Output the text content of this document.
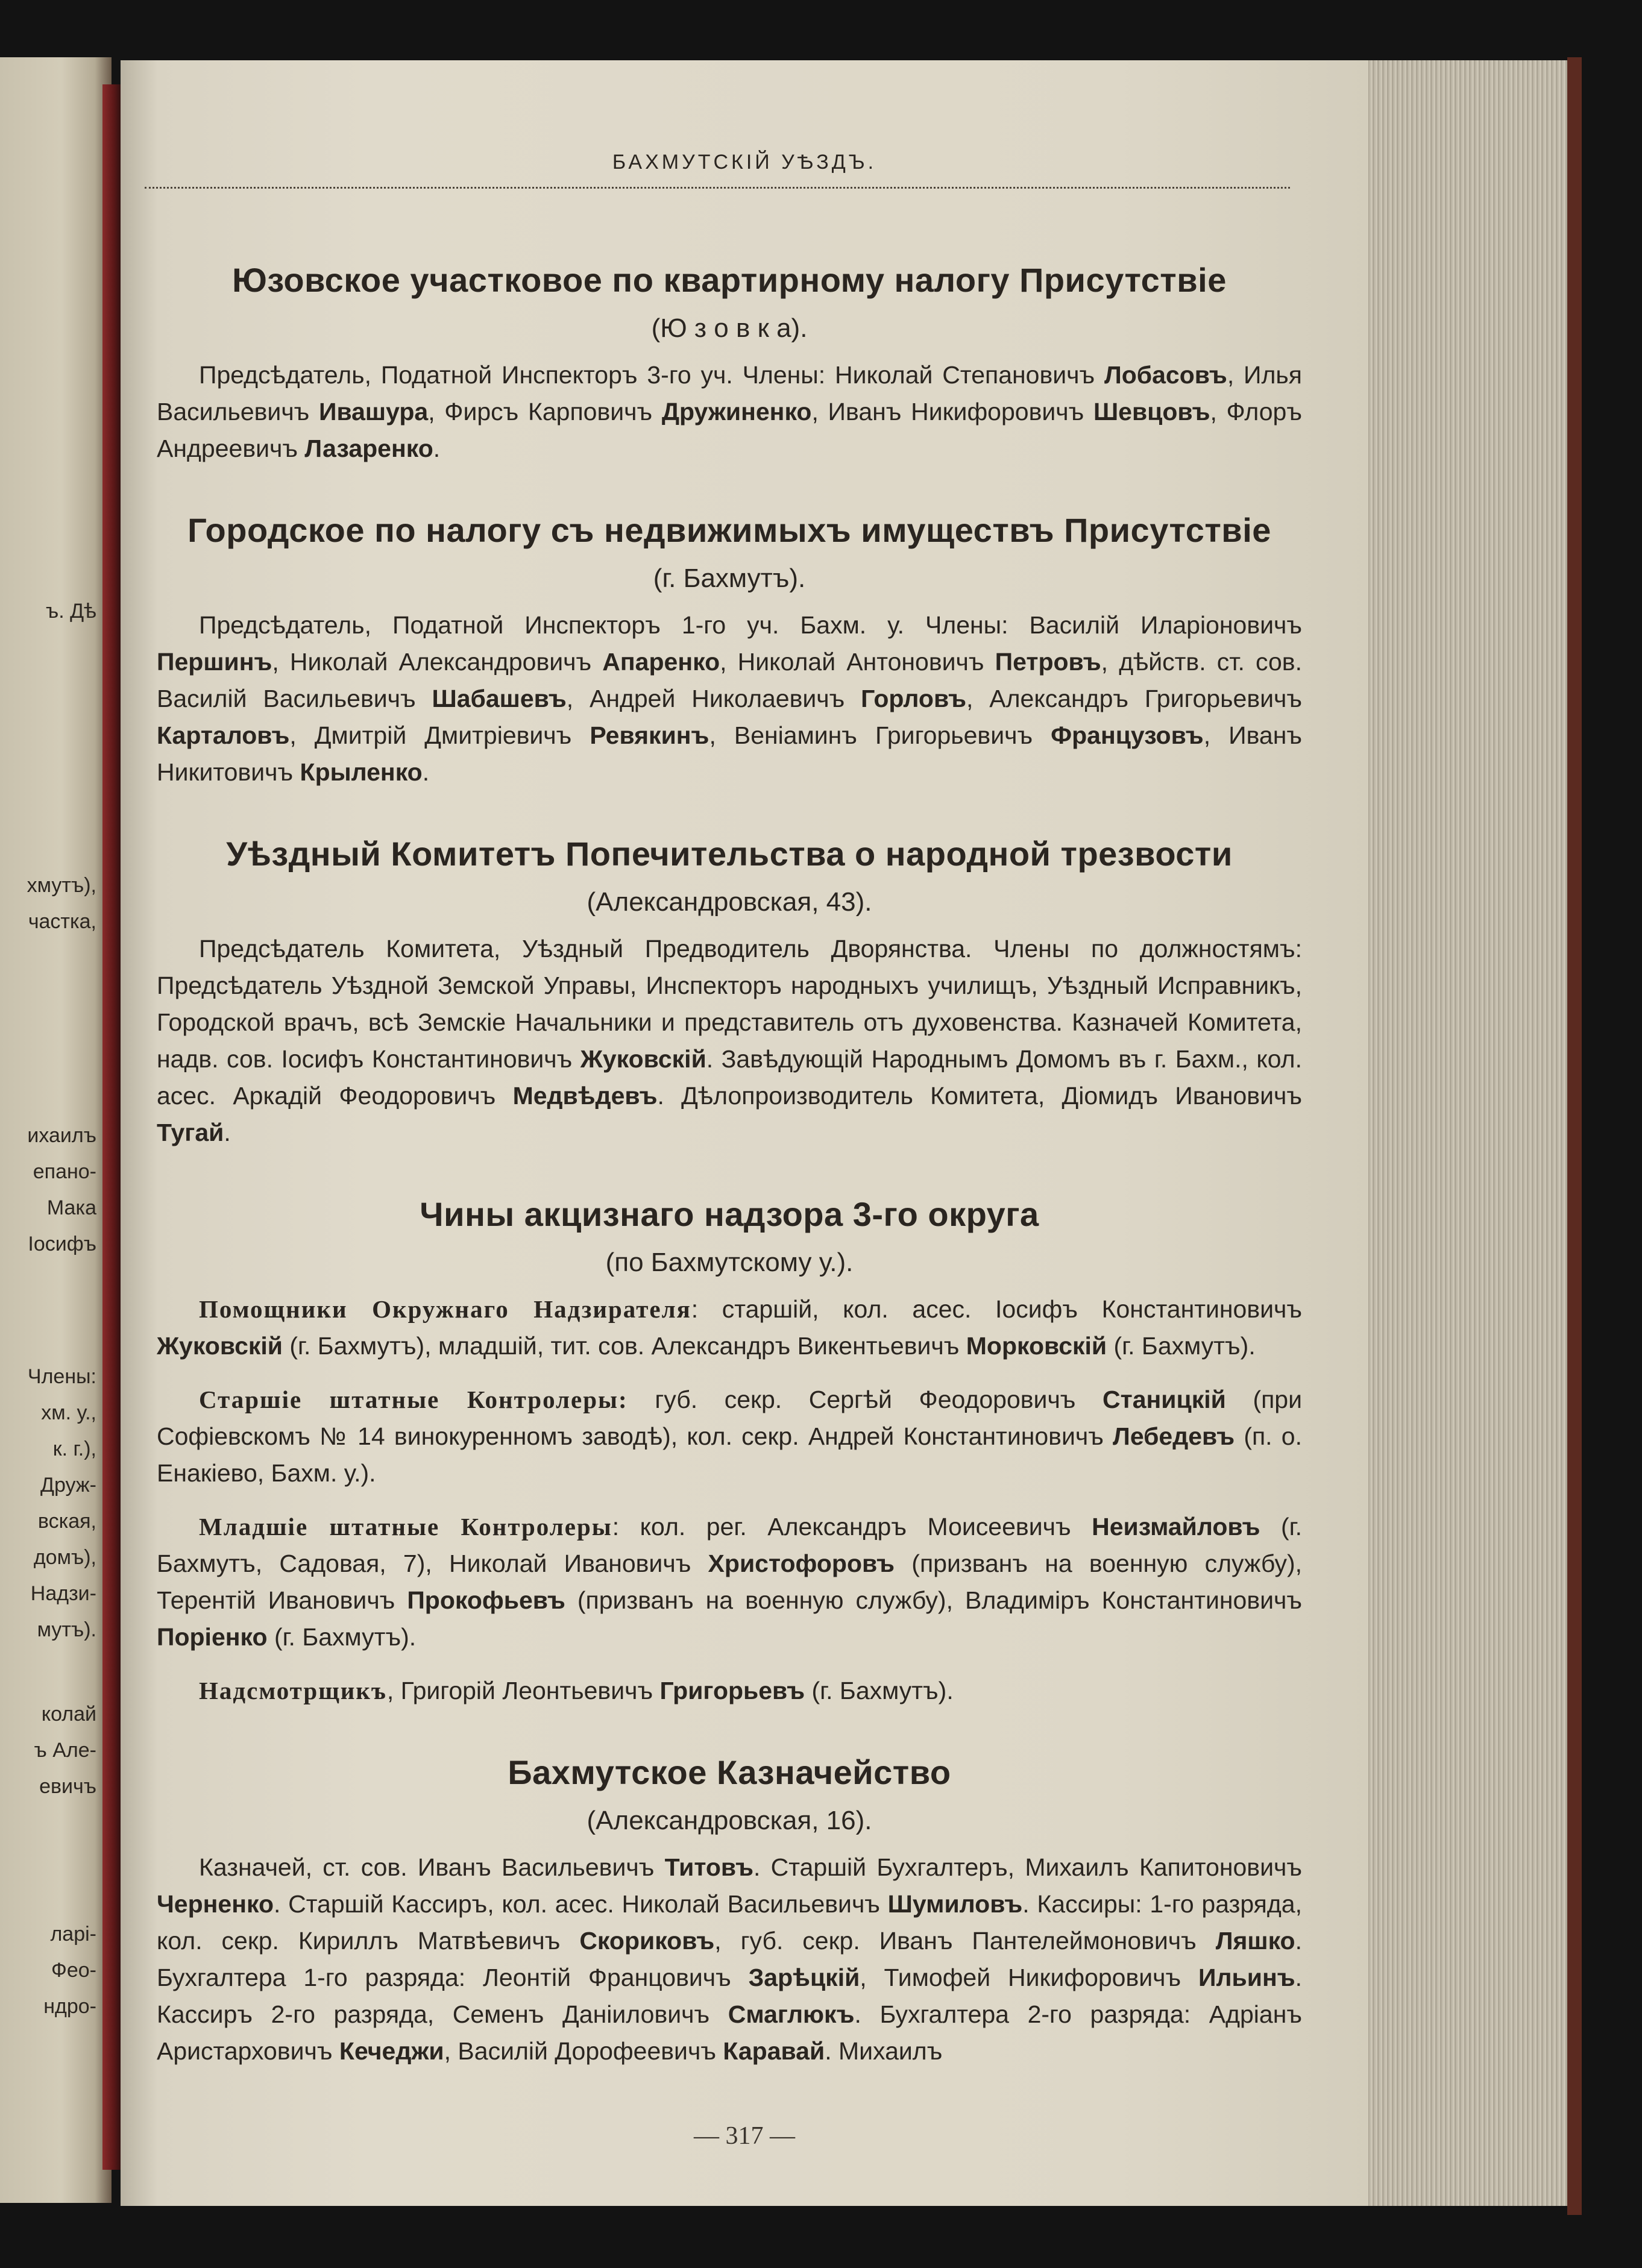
ъ. Дѣ
хмутъ),
частка,
ихаилъ
епано-
Мака
Іосифъ
Члены:
хм. у.,
к. г.),
Друж-
вская,
домъ),
Надзи-
мутъ).
колай
ъ Але-
евичъ
ларі-
Фео-
ндро-
БАХМУТСКІЙ УѢЗДЪ.
Юзовское участковое по квартирному налогу Присутствіе
(Ю з о в к а).

Предсѣдатель, Податной Инспекторъ 3-го уч. Члены: Николай Степановичъ Лобасовъ, Илья Васильевичъ Ивашура, Фирсъ Карповичъ Дружиненко, Иванъ Никифоровичъ Шевцовъ, Флоръ Андреевичъ Лазаренко.

Городское по налогу съ недвижимыхъ имуществъ Присутствіе
(г. Бахмутъ).

Предсѣдатель, Податной Инспекторъ 1-го уч. Бахм. у. Члены: Василій Иларіоновичъ Першинъ, Николай Александровичъ Апаренко, Николай Антоновичъ Петровъ, дѣйств. ст. сов. Василій Васильевичъ Шабашевъ, Андрей Николаевичъ Горловъ, Александръ Григорьевичъ Карталовъ, Дмитрій Дмитріевичъ Ревякинъ, Веніаминъ Григорьевичъ Французовъ, Иванъ Никитовичъ Крыленко.

Уѣздный Комитетъ Попечительства о народной трезвости
(Александровская, 43).

Предсѣдатель Комитета, Уѣздный Предводитель Дворянства. Члены по должностямъ: Предсѣдатель Уѣздной Земской Управы, Инспекторъ народныхъ училищъ, Уѣздный Исправникъ, Городской врачъ, всѣ Земскіе Начальники и представитель отъ духовенства. Казначей Комитета, надв. сов. Іосифъ Константиновичъ Жуковскій. Завѣдующій Народнымъ Домомъ въ г. Бахм., кол. асес. Аркадій Феодоровичъ Медвѣдевъ. Дѣлопроизводитель Комитета, Діомидъ Ивановичъ Тугай.

Чины акцизнаго надзора 3-го округа
(по Бахмутскому у.).

Помощники Окружнаго Надзирателя: старшій, кол. асес. Іосифъ Константиновичъ Жуковскій (г. Бахмутъ), младшій, тит. сов. Александръ Викентьевичъ Морковскій (г. Бахмутъ).

Старшіе штатные Контролеры: губ. секр. Сергѣй Феодоровичъ Станицкій (при Софіевскомъ № 14 винокуренномъ заводѣ), кол. секр. Андрей Константиновичъ Лебедевъ (п. о. Енакіево, Бахм. у.).

Младшіе штатные Контролеры: кол. рег. Александръ Моисеевичъ Неизмайловъ (г. Бахмутъ, Садовая, 7), Николай Ивановичъ Христофоровъ (призванъ на военную службу), Терентій Ивановичъ Прокофьевъ (призванъ на военную службу), Владиміръ Константиновичъ Поріенко (г. Бахмутъ).

Надсмотрщикъ, Григорій Леонтьевичъ Григорьевъ (г. Бахмутъ).

Бахмутское Казначейство
(Александровская, 16).

Казначей, ст. сов. Иванъ Васильевичъ Титовъ. Старшій Бухгалтеръ, Михаилъ Капитоновичъ Черненко. Старшій Кассиръ, кол. асес. Николай Васильевичъ Шумиловъ. Кассиры: 1-го разряда, кол. секр. Кириллъ Матвѣевичъ Скориковъ, губ. секр. Иванъ Пантелеймоновичъ Ляшко. Бухгалтера 1-го разряда: Леонтій Францовичъ Зарѣцкій, Тимофей Никифоровичъ Ильинъ. Кассиръ 2-го разряда, Семенъ Даніиловичъ Смаглюкъ. Бухгалтера 2-го разряда: Адріанъ Аристарховичъ Кечеджи, Василій Дорофеевичъ Каравай. Михаилъ

— 317 —
